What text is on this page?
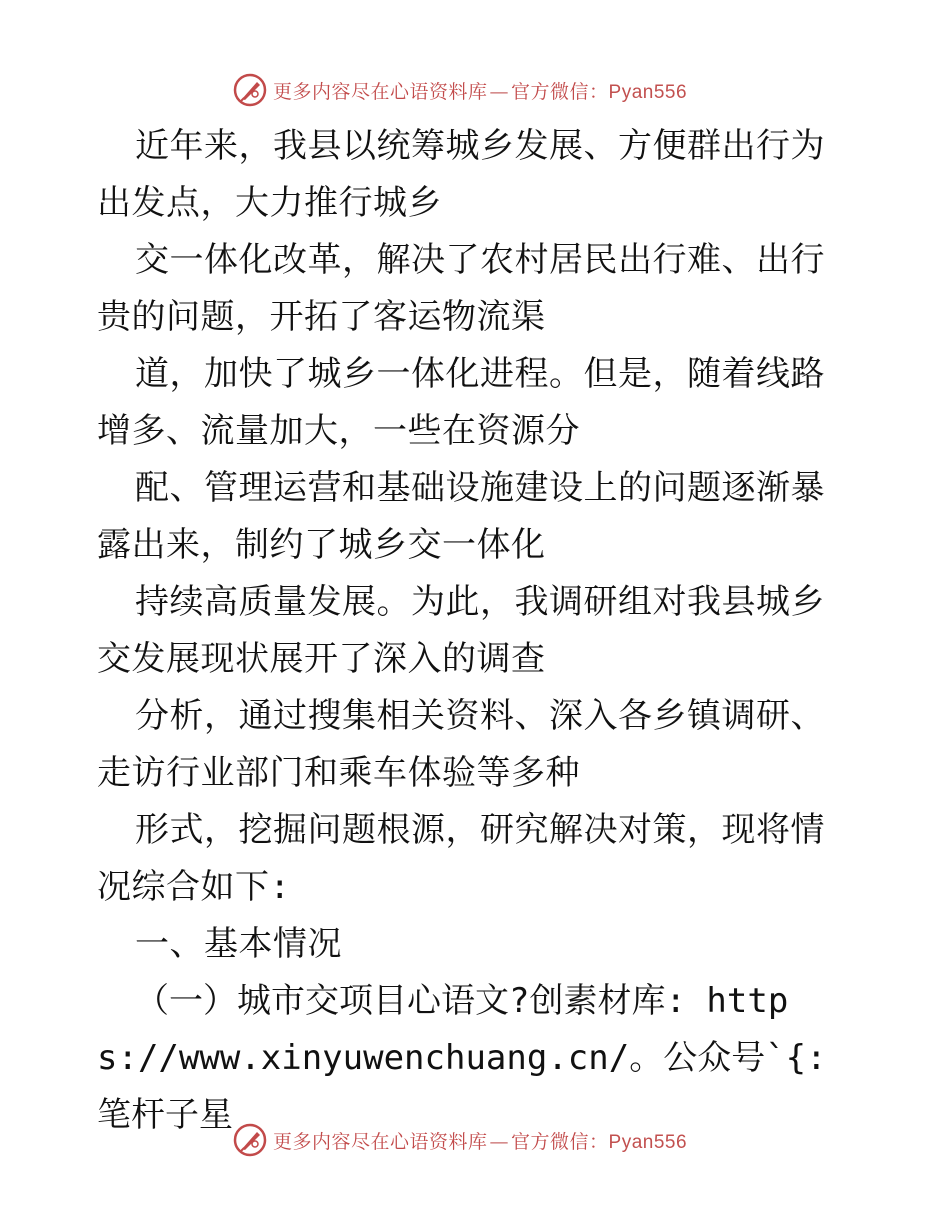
更多内容尽在心语资料库 — 官方微信：Pyan556

近年来，我县以统筹城乡发展、方便群出行为出发点，大力推行城乡

交一体化改革，解决了农村居民出行难、出行贵的问题，开拓了客运物流渠

道，加快了城乡一体化进程。但是，随着线路增多、流量加大，一些在资源分

配、管理运营和基础设施建设上的问题逐渐暴露出来，制约了城乡交一体化

持续高质量发展。为此，我调研组对我县城乡交发展现状展开了深入的调查

分析，通过搜集相关资料、深入各乡镇调研、走访行业部门和乘车体验等多种

形式，挖掘问题根源，研究解决对策，现将情况综合如下:

一、基本情况

（一）城市交项目心语文?创素材库: https://www.xinyuwenchuang.cn/。公众号`{: 笔杆子星

更多内容尽在心语资料库 — 官方微信：Pyan556
